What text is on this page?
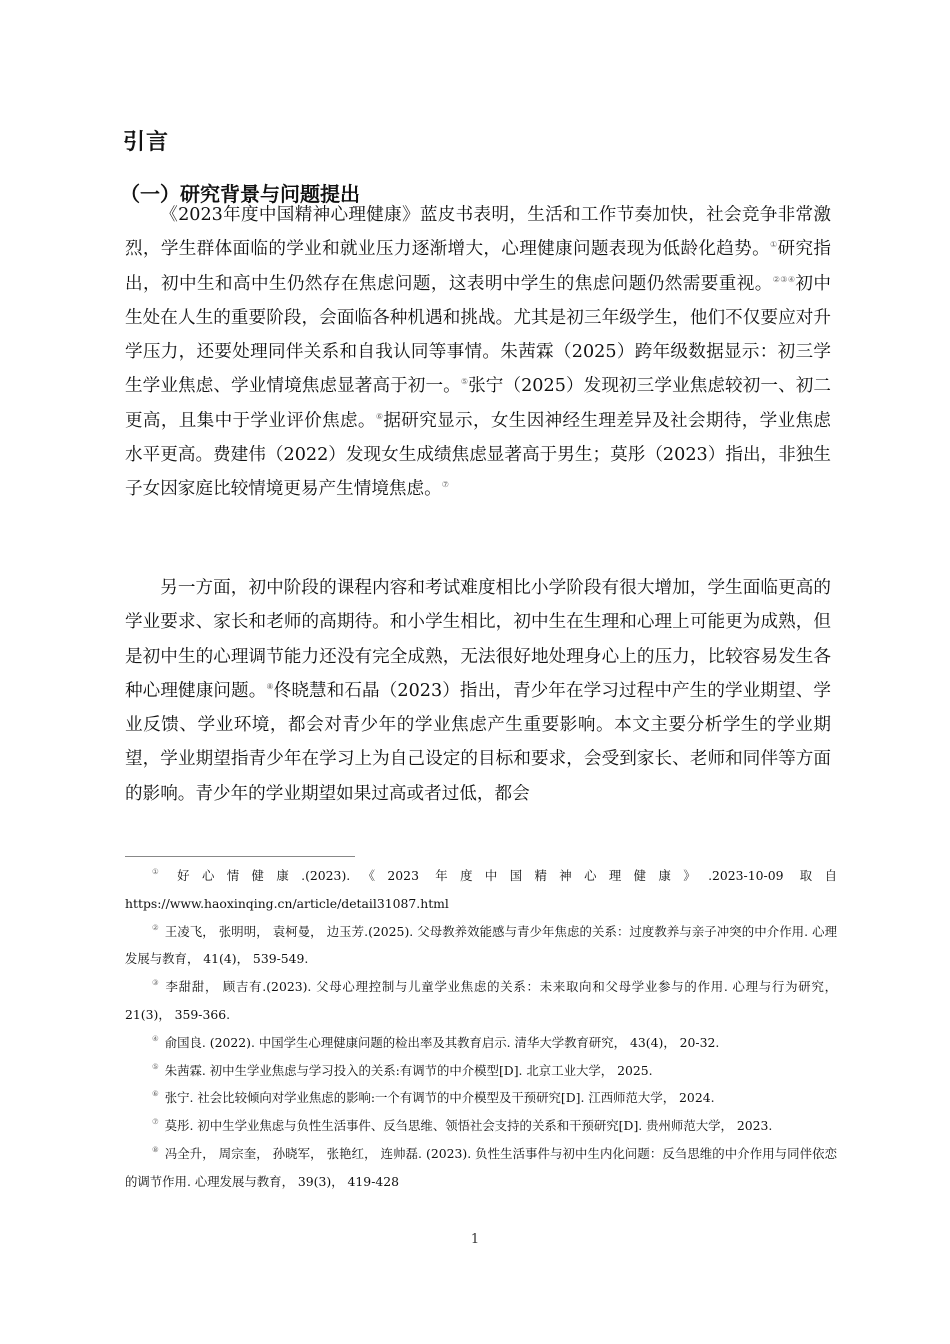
引言
（一）研究背景与问题提出

《2023年度中国精神心理健康》蓝皮书表明，生活和工作节奏加快，社会竞争非常激烈，学生群体面临的学业和就业压力逐渐增大，心理健康问题表现为低龄化趋势。①研究指出，初中生和高中生仍然存在焦虑问题，这表明中学生的焦虑问题仍然需要重视。②③④初中生处在人生的重要阶段，会面临各种机遇和挑战。尤其是初三年级学生，他们不仅要应对升学压力，还要处理同伴关系和自我认同等事情。朱茜霖（2025）跨年级数据显示：初三学生学业焦虑、学业情境焦虑显著高于初一。⑤张宁（2025）发现初三学业焦虑较初一、初二更高，且集中于学业评价焦虑。⑥据研究显示，女生因神经生理差异及社会期待，学业焦虑水平更高。费建伟（2022）发现女生成绩焦虑显著高于男生；莫彤（2023）指出，非独生子女因家庭比较情境更易产生情境焦虑。⑦

另一方面，初中阶段的课程内容和考试难度相比小学阶段有很大增加，学生面临更高的学业要求、家长和老师的高期待。和小学生相比，初中生在生理和心理上可能更为成熟，但是初中生的心理调节能力还没有完全成熟，无法很好地处理身心上的压力，比较容易发生各种心理健康问题。⑧佟晓慧和石晶（2023）指出，青少年在学习过程中产生的学业期望、学业反馈、学业环境，都会对青少年的学业焦虑产生重要影响。本文主要分析学生的学业期望，学业期望指青少年在学习上为自己设定的目标和要求，会受到家长、老师和同伴等方面的影响。青少年的学业期望如果过高或者过低，都会

① 好心情健康.(2023).《2023 年度中国精神心理健康》.2023-10-09 取自 https://www.haoxinqing.cn/article/detail31087.html
② 王凌飞， 张明明， 袁柯曼， 边玉芳.(2025). 父母教养效能感与青少年焦虑的关系：过度教养与亲子冲突的中介作用. 心理发展与教育， 41(4)， 539-549.
③ 李甜甜， 顾吉有.(2023). 父母心理控制与儿童学业焦虑的关系：未来取向和父母学业参与的作用. 心理与行为研究， 21(3)， 359-366.
④ 俞国良. (2022). 中国学生心理健康问题的检出率及其教育启示. 清华大学教育研究， 43(4)， 20-32.
⑤ 朱茜霖. 初中生学业焦虑与学习投入的关系:有调节的中介模型[D]. 北京工业大学， 2025.
⑥ 张宁. 社会比较倾向对学业焦虑的影响:一个有调节的中介模型及干预研究[D]. 江西师范大学， 2024.
⑦ 莫彤. 初中生学业焦虑与负性生活事件、反刍思维、领悟社会支持的关系和干预研究[D]. 贵州师范大学， 2023.
⑧ 冯全升， 周宗奎， 孙晓军， 张艳红， 连帅磊. (2023). 负性生活事件与初中生内化问题：反刍思维的中介作用与同伴依恋的调节作用. 心理发展与教育， 39(3)， 419-428
1
